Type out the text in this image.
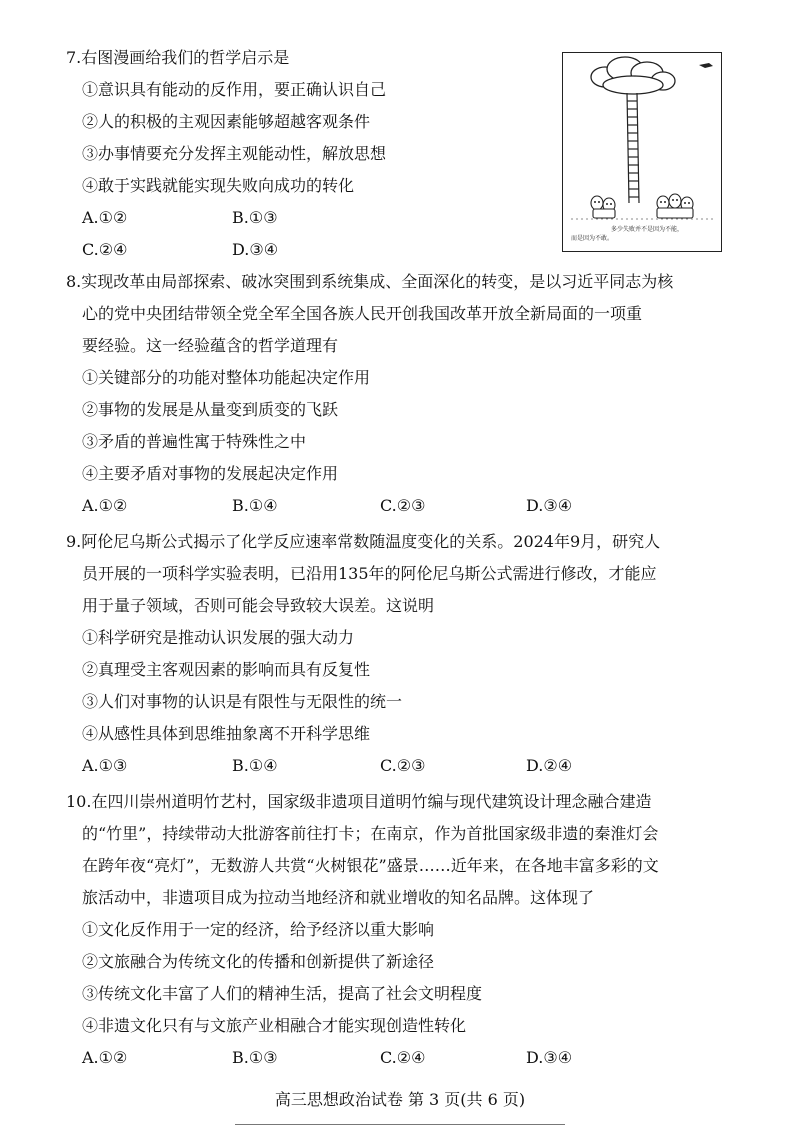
7.右图漫画给我们的哲学启示是
①意识具有能动的反作用，要正确认识自己
②人的积极的主观因素能够超越客观条件
③办事情要充分发挥主观能动性，解放思想
④敢于实践就能实现失败向成功的转化
A.①②	B.①③
C.②④	D.③④
多少失败并不是因为不能，
而是因为不敢。
8.实现改革由局部探索、破冰突围到系统集成、全面深化的转变，是以习近平同志为核
心的党中央团结带领全党全军全国各族人民开创我国改革开放全新局面的一项重
要经验。这一经验蕴含的哲学道理有
①关键部分的功能对整体功能起决定作用
②事物的发展是从量变到质变的飞跃
③矛盾的普遍性寓于特殊性之中
④主要矛盾对事物的发展起决定作用
A.①②	B.①④	C.②③	D.③④
9.阿伦尼乌斯公式揭示了化学反应速率常数随温度变化的关系。2024年9月，研究人
员开展的一项科学实验表明，已沿用135年的阿伦尼乌斯公式需进行修改，才能应
用于量子领域，否则可能会导致较大误差。这说明
①科学研究是推动认识发展的强大动力
②真理受主客观因素的影响而具有反复性
③人们对事物的认识是有限性与无限性的统一
④从感性具体到思维抽象离不开科学思维
A.①③	B.①④	C.②③	D.②④
10.在四川崇州道明竹艺村，国家级非遗项目道明竹编与现代建筑设计理念融合建造
的“竹里”，持续带动大批游客前往打卡；在南京，作为首批国家级非遗的秦淮灯会
在跨年夜“亮灯”，无数游人共赏“火树银花”盛景……近年来，在各地丰富多彩的文
旅活动中，非遗项目成为拉动当地经济和就业增收的知名品牌。这体现了
①文化反作用于一定的经济，给予经济以重大影响
②文旅融合为传统文化的传播和创新提供了新途径
③传统文化丰富了人们的精神生活，提高了社会文明程度
④非遗文化只有与文旅产业相融合才能实现创造性转化
A.①②	B.①③	C.②④	D.③④
高三思想政治试卷 第 3 页(共 6 页)
